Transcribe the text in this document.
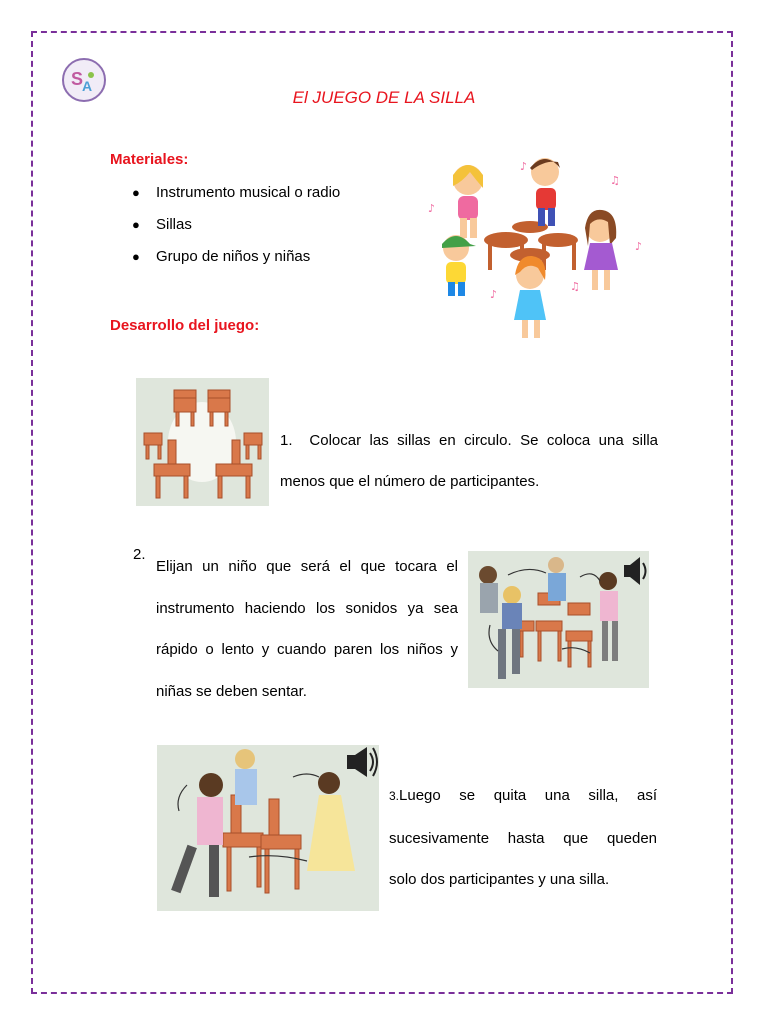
S
A
El JUEGO DE LA SILLA
Materiales:
●	Instrumento musical o radio
●	Sillas
●	Grupo de niños y niñas
♪
♫
♪
♪
♫
♪
Desarrollo del juego:
1. Colocar las sillas en circulo. Se coloca una silla
menos que el número de participantes.
2.
Elijan un niño que será el que tocara el
instrumento haciendo los sonidos ya sea
rápido o lento y cuando paren los niños y
niñas se deben sentar.
3.Luego se quita una silla, así
sucesivamente hasta que queden
solo dos participantes y una silla.
